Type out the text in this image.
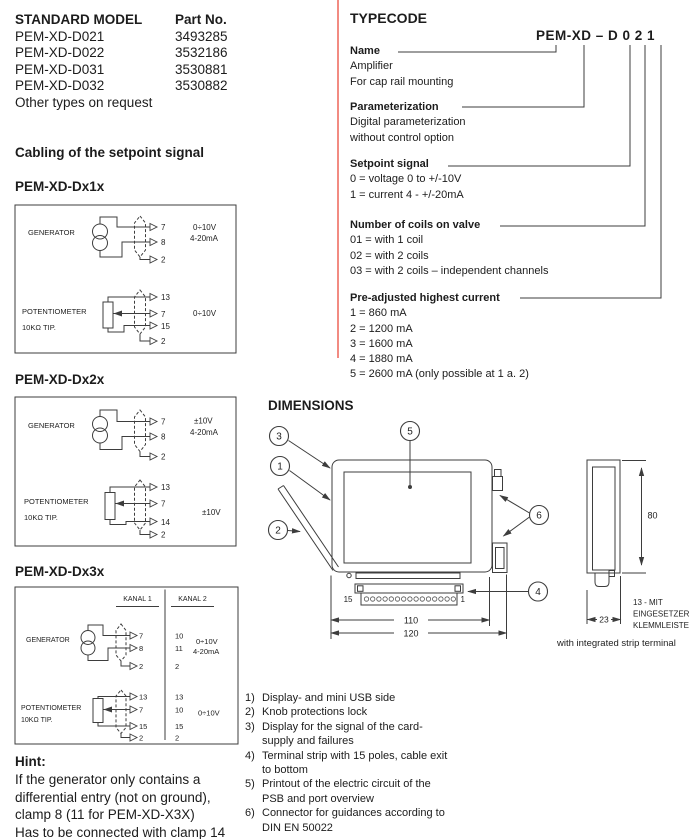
STANDARD MODEL Part No.
PEM-XD-D021	3493285
PEM-XD-D022	3532186
PEM-XD-D031	3530881
PEM-XD-D032	3530882
Other types on request
Cabling of the setpoint signal
PEM-XD-Dx1x
GENERATOR
7
8
2
0÷10V
4-20mA
POTENTIOMETER
10KΩ TIP.
13
7
15
2
0÷10V
PEM-XD-Dx2x
GENERATOR	7
8
2
±10V
4-20mA
POTENTIOMETER
10KΩ TIP.
13
7
14
2
±10V
PEM-XD-Dx3x
KANAL 1	KANAL 2
GENERATOR	7
8
2
10
11
2
0÷10V
4-20mA
POTENTIOMETER
10KΩ TIP.
13
7
15
2
13
10
15
2
0÷10V
Hint:
If the generator only contains a
differential entry (not on ground),
clamp 8 (11 for PEM-XD-X3X)
Has to be connected with clamp 14
TYPECODE
PEM-XD – D 0 2 1
Name
Amplifier
For cap rail mounting
Parameterization
Digital parameterization
without control option
Setpoint signal
0 = voltage 0 to +/-10V
1 = current 4 - +/-20mA
Number of coils on valve
01 = with 1 coil
02 = with 2 coils
03 = with 2 coils – independent channels
Pre-adjusted highest current
1 = 860 mA
2 = 1200 mA
3 = 1600 mA
4 = 1880 mA
5 = 2600 mA (only possible at 1 a. 2)
DIMENSIONS
15	1
3
1
2
5
6
4
110
120
80
23
13 - MIT
EINGESETZER
KLEMMLEISTE
with integrated strip terminal
1) Display- and mini USB side
2) Knob protections lock
3) Display for the signal of the card-
supply and failures
4) Terminal strip with 15 poles, cable exit
to bottom
5) Printout of the electric circuit of the
PSB and port overview
6) Connector for guidances according to
DIN EN 50022
